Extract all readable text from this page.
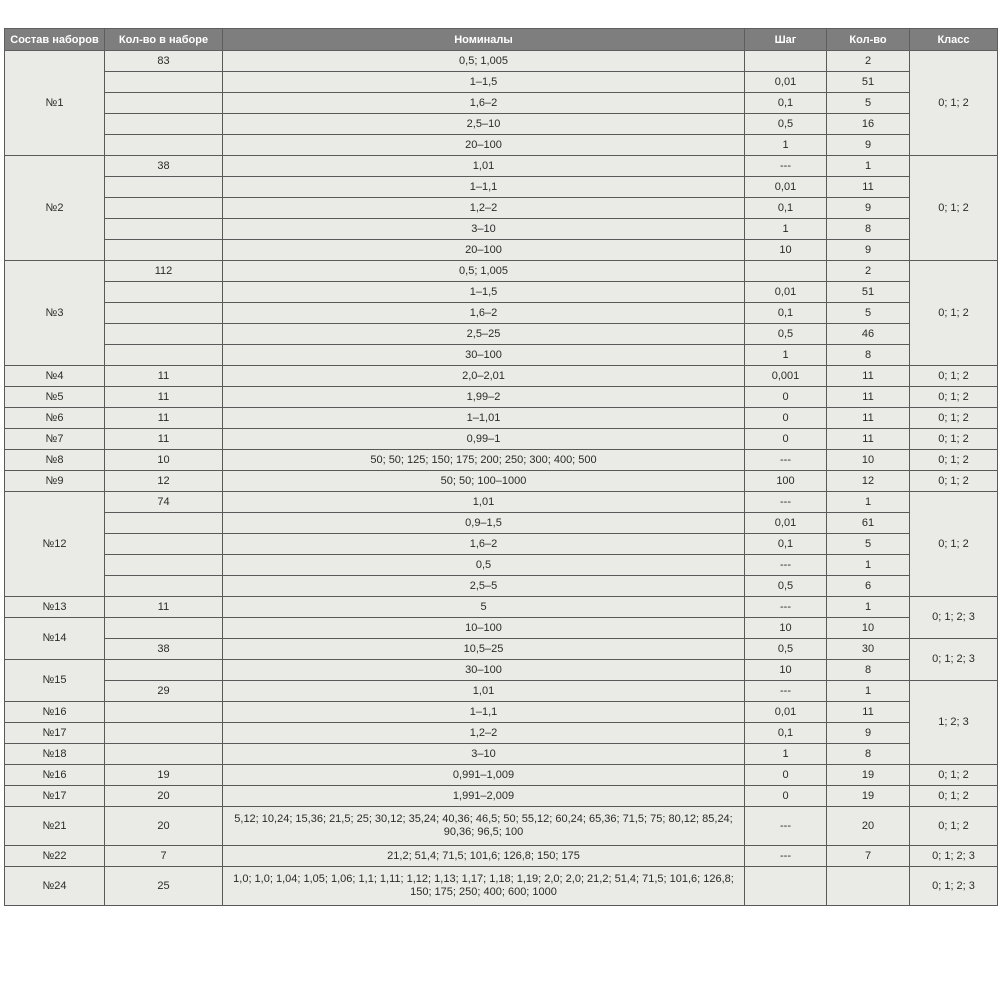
Состав наборов	Кол-во в наборе	Номиналы	Шаг	Кол-во	Класс
№1	83	0,5; 1,005		2	0; 1; 2
		1–1,5	0,01	51	
		1,6–2	0,1	5	
		2,5–10	0,5	16	
		20–100	1	9	
№2	38	1,01	---	1	0; 1; 2
		1–1,1	0,01	11	
		1,2–2	0,1	9	
		3–10	1	8	
		20–100	10	9	
№3	112	0,5; 1,005		2	0; 1; 2
		1–1,5	0,01	51	
		1,6–2	0,1	5	
		2,5–25	0,5	46	
		30–100	1	8	
№4	11	2,0–2,01	0,001	11	0; 1; 2
№5	11	1,99–2	0	11	0; 1; 2
№6	11	1–1,01	0	11	0; 1; 2
№7	11	0,99–1	0	11	0; 1; 2
№8	10	50; 50; 125; 150; 175; 200; 250; 300; 400; 500	---	10	0; 1; 2
№9	12	50; 50; 100–1000	100	12	0; 1; 2
№12	74	1,01	---	1	0; 1; 2
		0,9–1,5	0,01	61	
		1,6–2	0,1	5	
		0,5	---	1	
		2,5–5	0,5	6	
№13	11	5	---	1	0; 1; 2; 3
№14		10–100	10	10	
	38	10,5–25	0,5	30	0; 1; 2; 3
№15		30–100	10	8	
	29	1,01	---	1	1; 2; 3
№16		1–1,1	0,01	11	
№17		1,2–2	0,1	9	
№18		3–10	1	8	
№16	19	0,991–1,009	0	19	0; 1; 2
№17	20	1,991–2,009	0	19	0; 1; 2
№21	20	5,12; 10,24; 15,36; 21,5; 25; 30,12; 35,24; 40,36; 46,5; 50; 55,12; 60,24; 65,36; 71,5; 75; 80,12; 85,24; 90,36; 96,5; 100	---	20	0; 1; 2
№22	7	21,2; 51,4; 71,5; 101,6; 126,8; 150; 175	---	7	0; 1; 2; 3
№24	25	1,0; 1,0; 1,04; 1,05; 1,06; 1,1; 1,11; 1,12; 1,13; 1,17; 1,18; 1,19; 2,0; 2,0; 21,2; 51,4; 71,5; 101,6; 126,8; 150; 175; 250; 400; 600; 1000			0; 1; 2; 3
